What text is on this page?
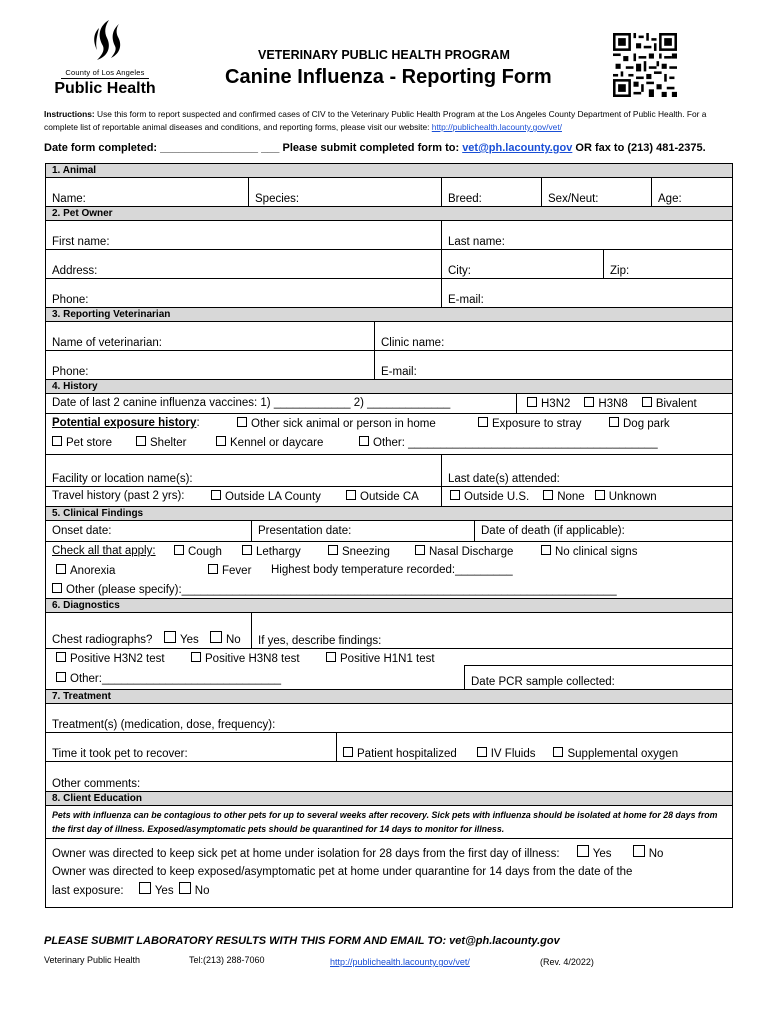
County of Los Angeles
Public Health
VETERINARY PUBLIC HEALTH PROGRAM
Canine Influenza - Reporting Form
Instructions: Use this form to report suspected and confirmed cases of CIV to the Veterinary Public Health Program at the Los Angeles County Department of Public Health. For a complete list of reportable animal diseases and conditions, and reporting forms, please visit our website: http://publichealth.lacounty.gov/vet/
Date form completed: ________________ ___ Please submit completed form to: vet@ph.lacounty.gov OR fax to (213) 481-2375.
1. Animal
Name:	Species:	Breed:	Sex/Neut:	Age:
2. Pet Owner
First name:	Last name:
Address:	City:	Zip:
Phone:	E-mail:
3. Reporting Veterinarian
Name of veterinarian:	Clinic name:
Phone:	E-mail:
4. History
Date of last 2 canine influenza vaccines: 1) ____________ 2) _____________	H3N2	H3N8	Bivalent
Potential exposure history:	Other sick animal or person in home	Exposure to stray	Dog park
Pet store	Shelter	Kennel or daycare	Other: _______________________________________
Facility or location name(s):	Last date(s) attended:
Travel history (past 2 yrs):	Outside LA County	Outside CA	Outside U.S.	None	Unknown
5. Clinical Findings
Onset date:	Presentation date:	Date of death (if applicable):
Check all that apply:	Cough	Lethargy	Sneezing	Nasal Discharge	No clinical signs
Anorexia	Fever Highest body temperature recorded:_________
Other (please specify):____________________________________________________________________
6. Diagnostics
Chest radiographs?	Yes	No	If yes, describe findings:
Positive H3N2 test	Positive H3N8 test	Positive H1N1 test
Other:____________________________	Date PCR sample collected:
7. Treatment
Treatment(s) (medication, dose, frequency):
Time it took pet to recover:	Patient hospitalized	IV Fluids	Supplemental oxygen
Other comments:
8. Client Education
Pets with influenza can be contagious to other pets for up to several weeks after recovery. Sick pets with influenza should be isolated at home for 28 days from the first day of illness. Exposed/asymptomatic pets should be quarantined for 14 days to monitor for illness.
Owner was directed to keep sick pet at home under isolation for 28 days from the first day of illness:	Yes	No
Owner was directed to keep exposed/asymptomatic pet at home under quarantine for 14 days from the date of the
last exposure:	Yes No
PLEASE SUBMIT LABORATORY RESULTS WITH THIS FORM AND EMAIL TO: vet@ph.lacounty.gov
Veterinary Public Health	Tel:(213) 288-7060	http://publichealth.lacounty.gov/vet/	(Rev. 4/2022)
